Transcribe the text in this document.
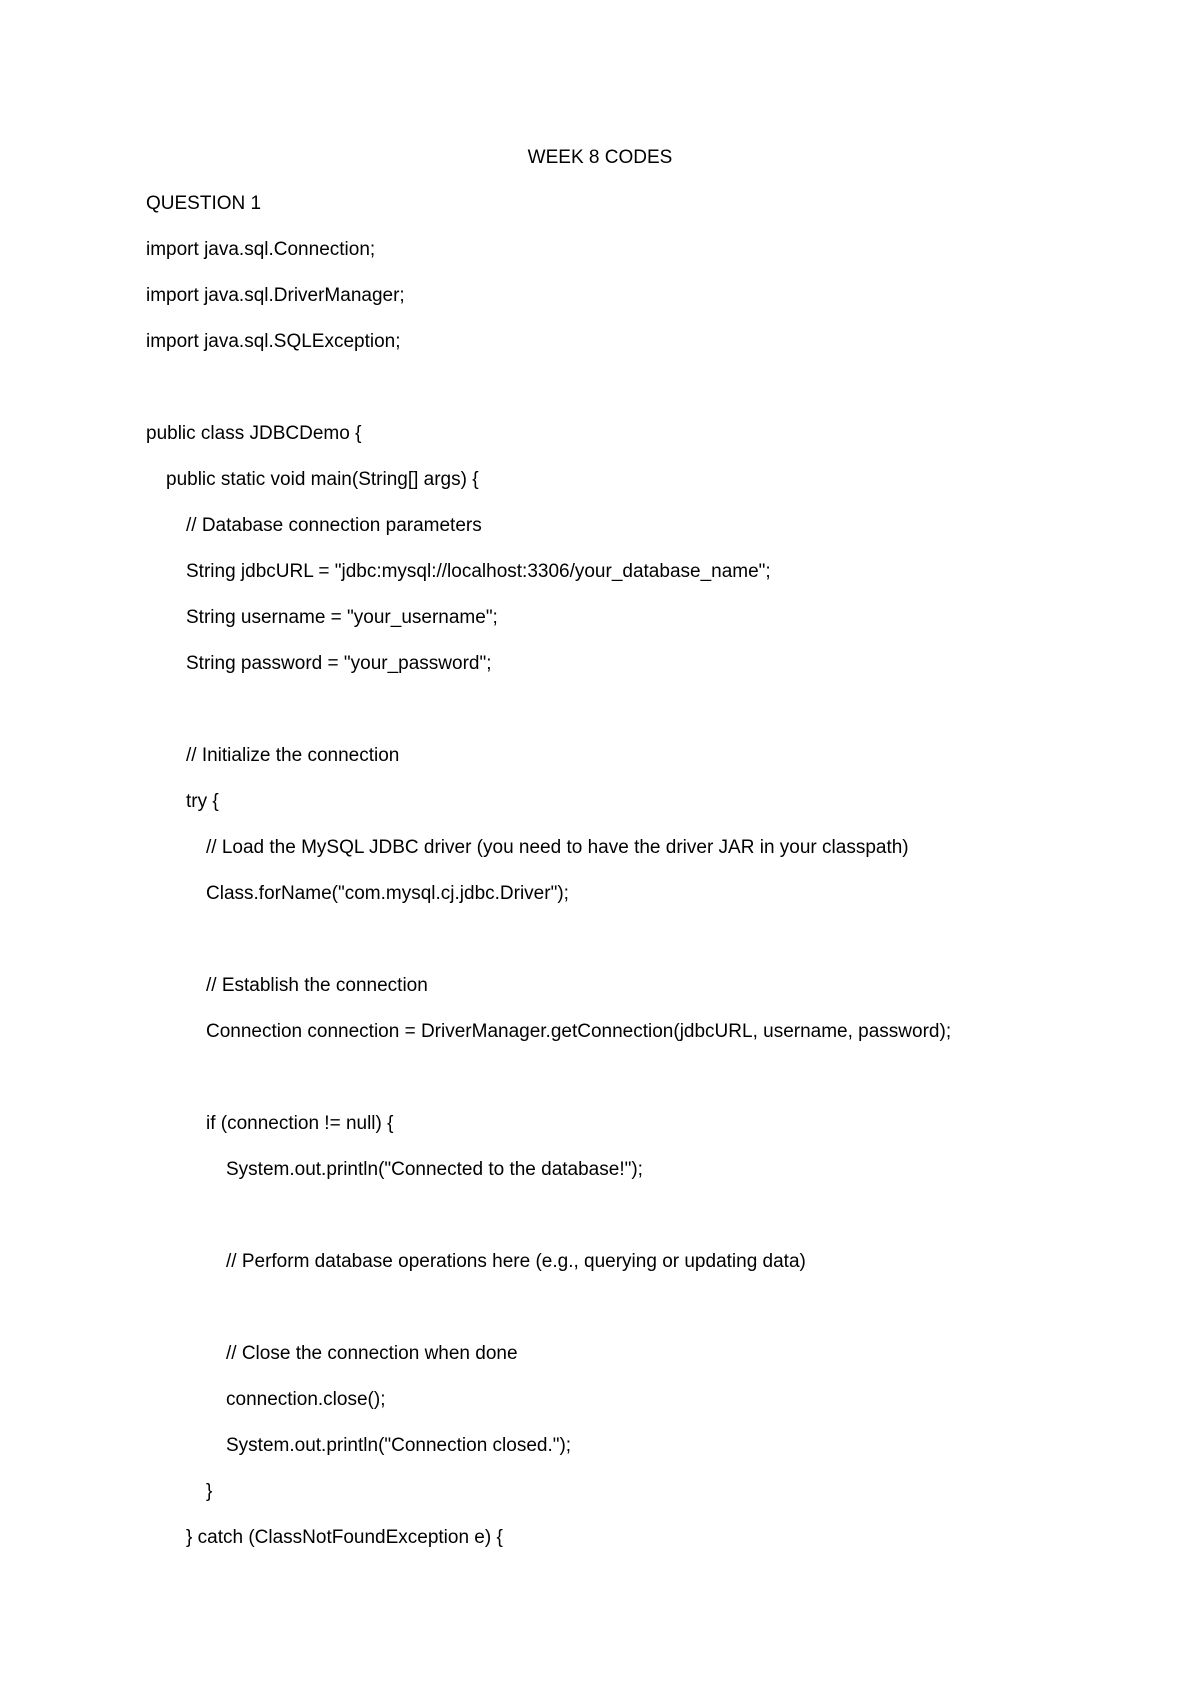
WEEK 8 CODES
QUESTION 1
import java.sql.Connection;
import java.sql.DriverManager;
import java.sql.SQLException;
public class JDBCDemo {
public static void main(String[] args) {
// Database connection parameters
String jdbcURL = "jdbc:mysql://localhost:3306/your_database_name";
String username = "your_username";
String password = "your_password";
// Initialize the connection
try {
// Load the MySQL JDBC driver (you need to have the driver JAR in your classpath)
Class.forName("com.mysql.cj.jdbc.Driver");
// Establish the connection
Connection connection = DriverManager.getConnection(jdbcURL, username, password);
if (connection != null) {
System.out.println("Connected to the database!");
// Perform database operations here (e.g., querying or updating data)
// Close the connection when done
connection.close();
System.out.println("Connection closed.");
}
} catch (ClassNotFoundException e) {
